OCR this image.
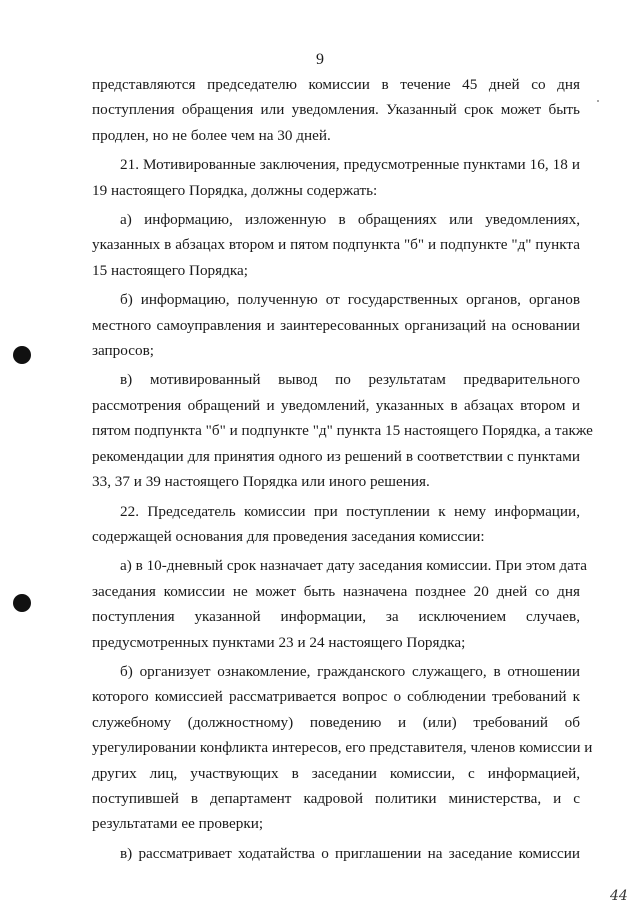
9
представляются председателю комиссии в течение 45 дней со дня
поступления обращения или уведомления. Указанный срок может быть
продлен, но не более чем на 30 дней.
21. Мотивированные заключения, предусмотренные пунктами 16, 18 и
19 настоящего Порядка, должны содержать:
а) информацию, изложенную в обращениях или уведомлениях,
указанных в абзацах втором и пятом подпункта "б" и подпункте "д" пункта
15 настоящего Порядка;
б) информацию, полученную от государственных органов, органов
местного самоуправления и заинтересованных организаций на основании
запросов;
в) мотивированный вывод по результатам предварительного
рассмотрения обращений и уведомлений, указанных в абзацах втором и
пятом подпункта "б" и подпункте "д" пункта 15 настоящего Порядка, а также
рекомендации для принятия одного из решений в соответствии с пунктами
33, 37 и 39 настоящего Порядка или иного решения.
22. Председатель комиссии при поступлении к нему информации,
содержащей основания для проведения заседания комиссии:
а) в 10-дневный срок назначает дату заседания комиссии. При этом дата
заседания комиссии не может быть назначена позднее 20 дней со дня
поступления указанной информации, за исключением случаев,
предусмотренных пунктами 23 и 24 настоящего Порядка;
б) организует ознакомление, гражданского служащего, в отношении
которого комиссией рассматривается вопрос о соблюдении требований к
служебному (должностному) поведению и (или) требований об
урегулировании конфликта интересов, его представителя, членов комиссии и
других лиц, участвующих в заседании комиссии, с информацией,
поступившей в департамент кадровой политики министерства, и с
результатами ее проверки;
в) рассматривает ходатайства о приглашении на заседание комиссии
44
